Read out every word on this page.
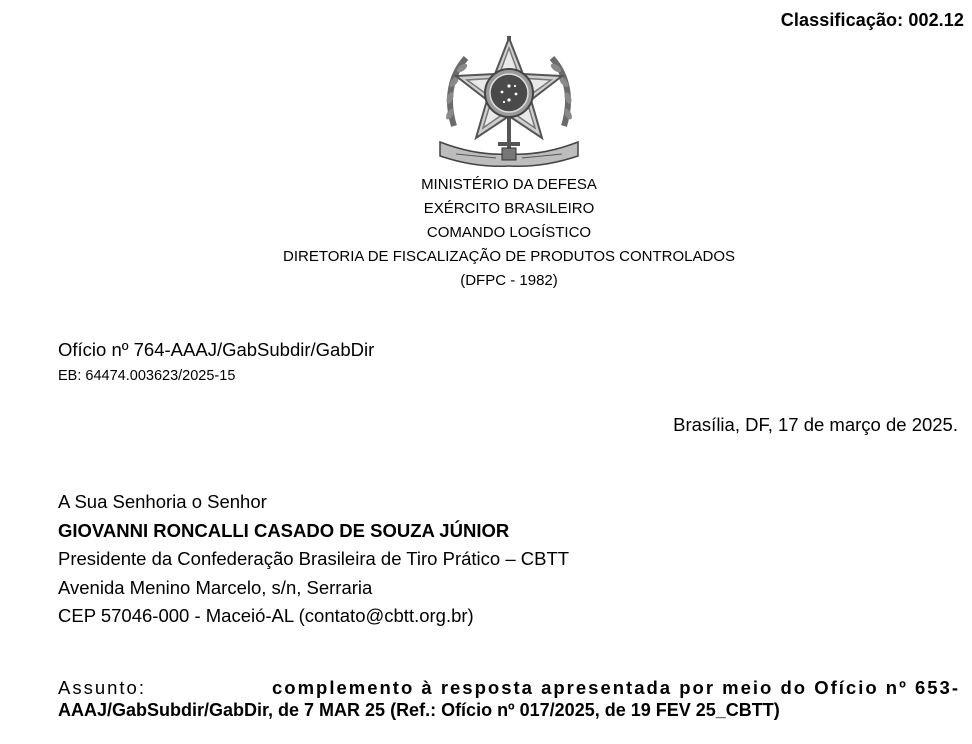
Classificação: 002.12
MINISTÉRIO DA DEFESA
EXÉRCITO BRASILEIRO
COMANDO LOGÍSTICO
DIRETORIA DE FISCALIZAÇÃO DE PRODUTOS CONTROLADOS
(DFPC - 1982)
Ofício nº 764-AAAJ/GabSubdir/GabDir
EB: 64474.003623/2025-15
Brasília, DF, 17 de março de 2025.
A Sua Senhoria o Senhor
GIOVANNI RONCALLI CASADO DE SOUZA JÚNIOR
Presidente da Confederação Brasileira de Tiro Prático – CBTT
Avenida Menino Marcelo, s/n, Serraria
CEP 57046-000 - Maceió-AL (contato@cbtt.org.br)
Assunto:	complemento à resposta apresentada por meio do Ofício nº 653-
AAAJ/GabSubdir/GabDir, de 7 MAR 25 (Ref.: Ofício nº 017/2025, de 19 FEV 25_CBTT)
